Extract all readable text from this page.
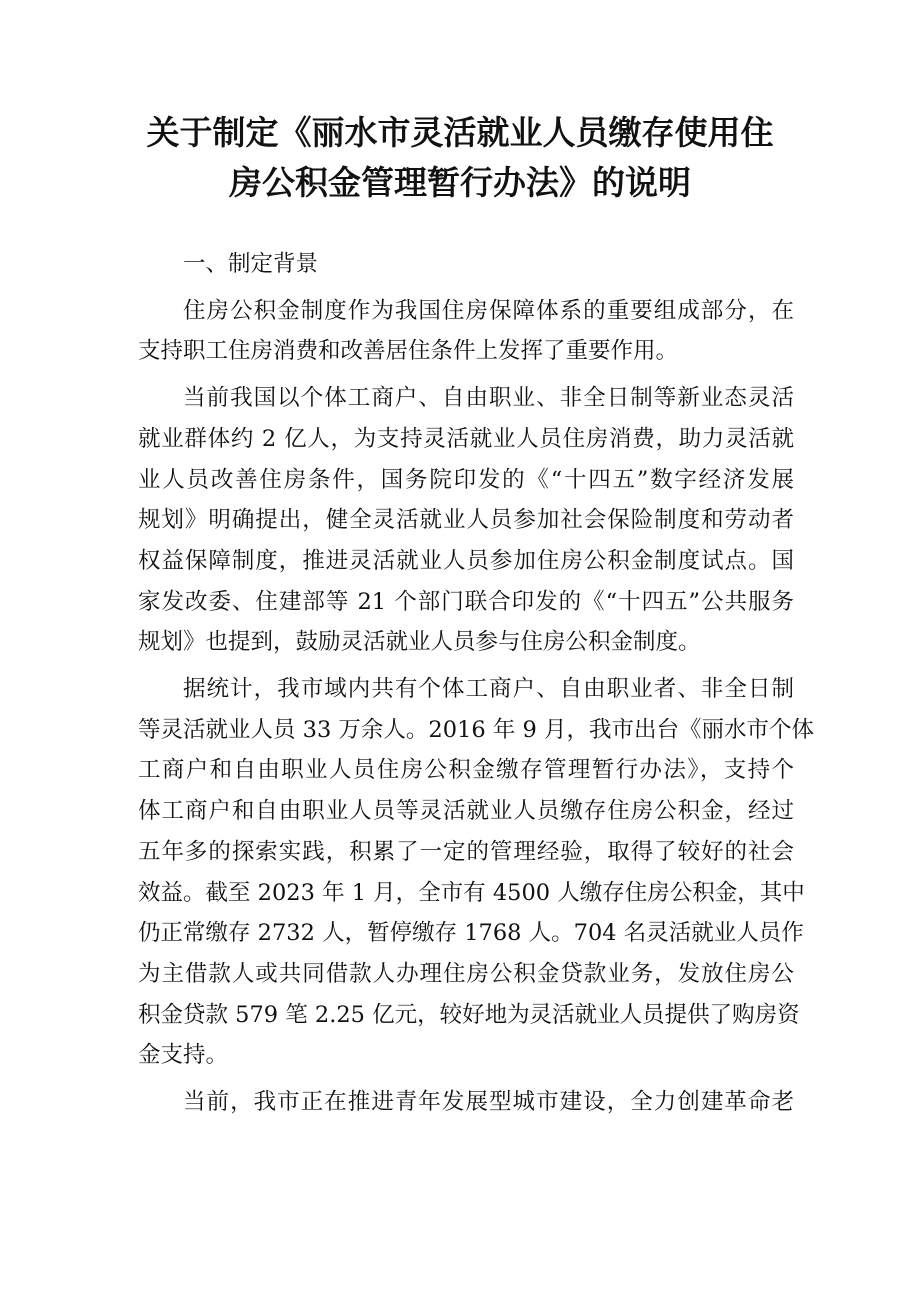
关于制定《丽水市灵活就业人员缴存使用住
房公积金管理暂行办法》的说明

一、制定背景

住房公积金制度作为我国住房保障体系的重要组成部分，在
支持职工住房消费和改善居住条件上发挥了重要作用。

当前我国以个体工商户、自由职业、非全日制等新业态灵活
就业群体约 2 亿人，为支持灵活就业人员住房消费，助力灵活就
业人员改善住房条件，国务院印发的《“十四五”数字经济发展
规划》明确提出，健全灵活就业人员参加社会保险制度和劳动者
权益保障制度，推进灵活就业人员参加住房公积金制度试点。国
家发改委、住建部等 21 个部门联合印发的《“十四五”公共服务
规划》也提到，鼓励灵活就业人员参与住房公积金制度。

据统计，我市域内共有个体工商户、自由职业者、非全日制
等灵活就业人员 33 万余人。2016 年 9 月，我市出台《丽水市个体
工商户和自由职业人员住房公积金缴存管理暂行办法》，支持个
体工商户和自由职业人员等灵活就业人员缴存住房公积金，经过
五年多的探索实践，积累了一定的管理经验，取得了较好的社会
效益。截至 2023 年 1 月，全市有 4500 人缴存住房公积金，其中
仍正常缴存 2732 人，暂停缴存 1768 人。704 名灵活就业人员作
为主借款人或共同借款人办理住房公积金贷款业务，发放住房公
积金贷款 579 笔 2.25 亿元，较好地为灵活就业人员提供了购房资
金支持。

当前，我市正在推进青年发展型城市建设，全力创建革命老
